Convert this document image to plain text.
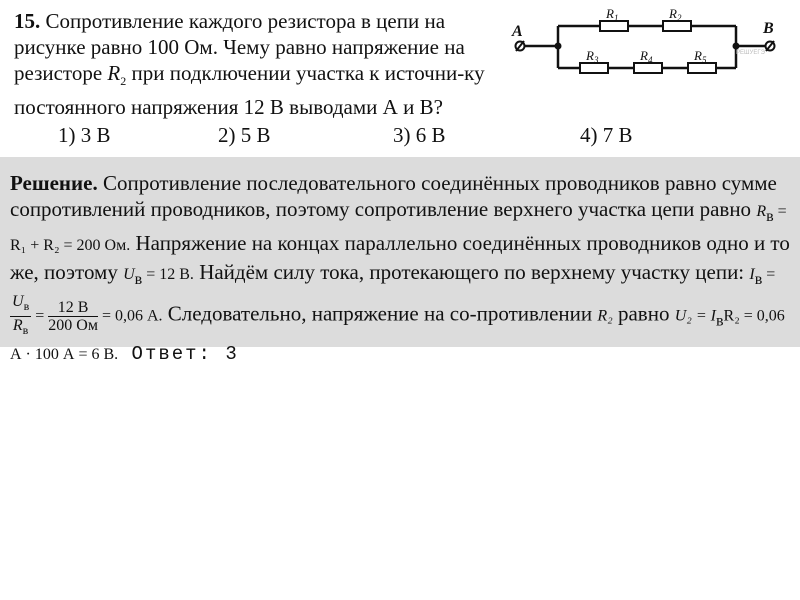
15. Сопротивление каждого резистора в цепи на рисунке равно 100 Ом. Чему равно напряжение на резисторе $R_2$ при подключении участка к источни-ку постоянного напряжения 12 В выводами А и В?
A	B
$R_1$	$R_2$
$R_3$	$R_4$	$R_5$
РЕШУЕГЭ
1) 3 В	2) 5 В	3) 6 В	4) 7 В
Решение. Сопротивление последовательного соединённых проводников равно сумме сопротивлений проводников, поэтому сопротивление верхнего участка цепи равно $R_в = R_1 + R_2 = 200$ Ом. Напряжение на концах параллельно соединённых проводников одно и то же, поэтому $U_в = 12$ В. Найдём силу тока, протекающего по верхнему участку цепи: $I_в$ =
$\frac{U_в}{R_в} = \frac{12 В}{200 Ом} = 0,06$ А. Следовательно, напряжение на со-противлении R₂ равно $U_2 = I_вR_2 = 0,06$ А · 100 А = 6 В. Ответ: 3
